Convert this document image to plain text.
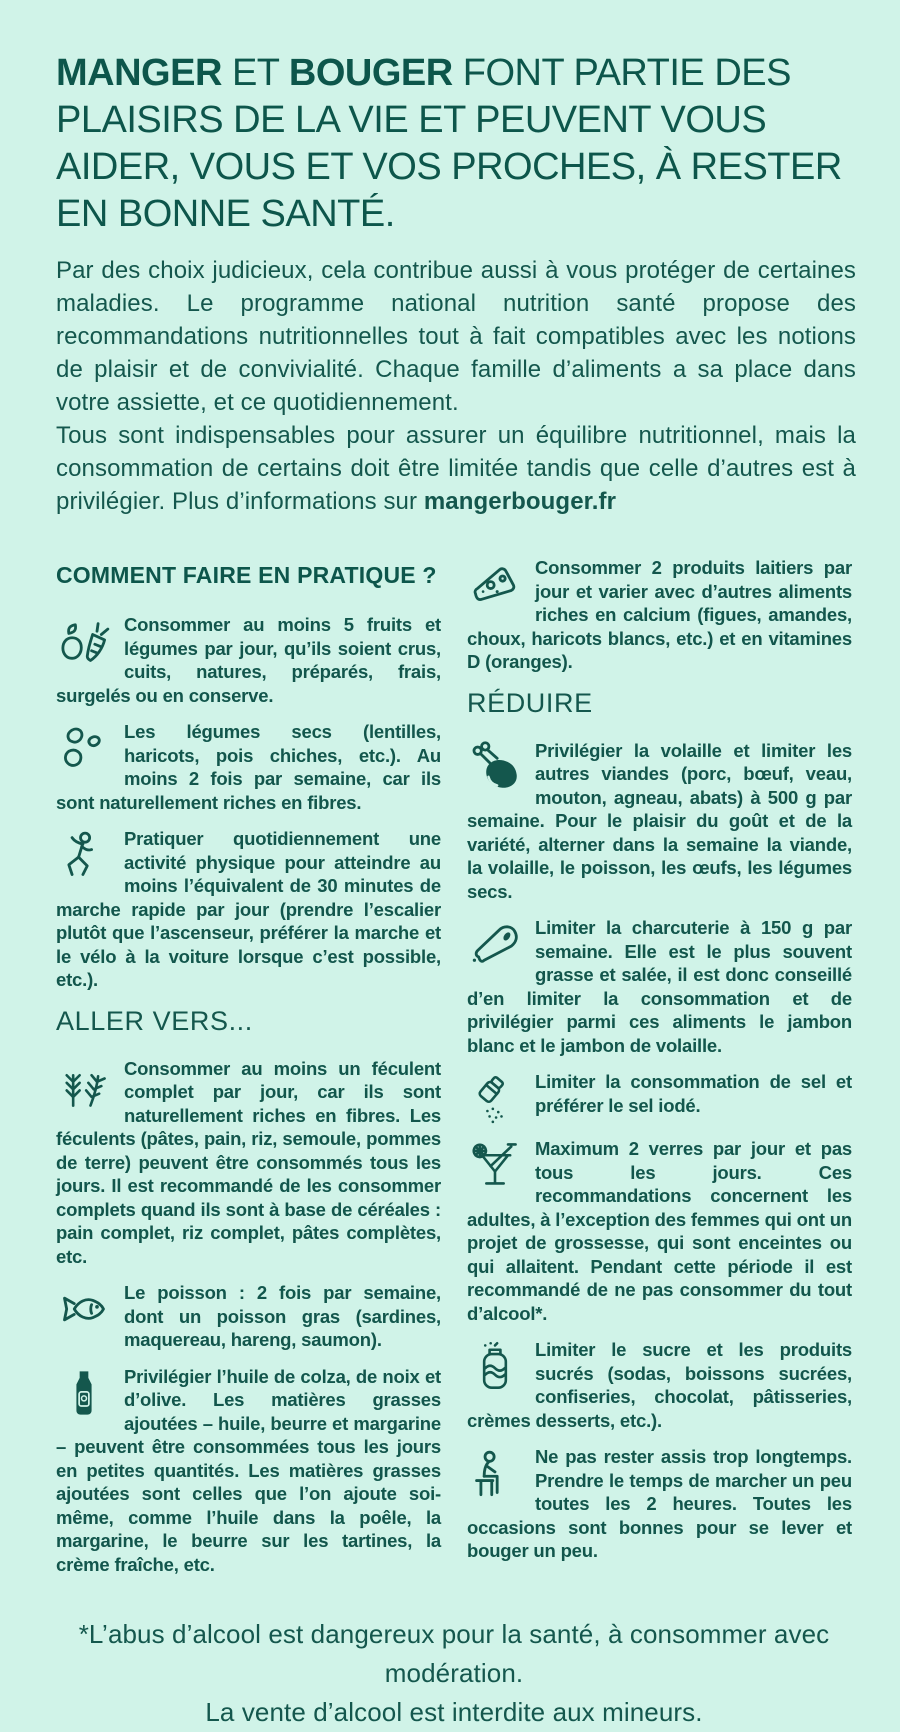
MANGER ET BOUGER FONT PARTIE DES PLAISIRS DE LA VIE ET PEUVENT VOUS AIDER, VOUS ET VOS PROCHES, À RESTER EN BONNE SANTÉ.

Par des choix judicieux, cela contribue aussi à vous protéger de certaines maladies. Le programme national nutrition santé propose des recommandations nutritionnelles tout à fait compatibles avec les notions de plaisir et de convivialité. Chaque famille d’aliments a sa place dans votre assiette, et ce quotidiennement.

Tous sont indispensables pour assurer un équilibre nutritionnel, mais la consommation de certains doit être limitée tandis que celle d’autres est à privilégier. Plus d’informations sur mangerbouger.fr

COMMENT FAIRE EN PRATIQUE ?
Consommer au moins 5 fruits et légumes par jour, qu’ils soient crus, cuits, natures, préparés, frais, surgelés ou en conserve.
Les légumes secs (lentilles, haricots, pois chiches, etc.). Au moins 2 fois par semaine, car ils sont naturellement riches en fibres.
Pratiquer quotidiennement une activité physique pour atteindre au moins l’équivalent de 30 minutes de marche rapide par jour (prendre l’escalier plutôt que l’ascenseur, préférer la marche et le vélo à la voiture lorsque c’est possible, etc.).
ALLER VERS...
Consommer au moins un féculent complet par jour, car ils sont naturellement riches en fibres. Les féculents (pâtes, pain, riz, semoule, pommes de terre) peuvent être consommés tous les jours. Il est recommandé de les consommer complets quand ils sont à base de céréales : pain complet, riz complet, pâtes complètes, etc.
Le poisson : 2 fois par semaine, dont un poisson gras (sardines, maquereau, hareng, saumon).
Privilégier l’huile de colza, de noix et d’olive. Les matières grasses ajoutées – huile, beurre et margarine – peuvent être consommées tous les jours en petites quantités. Les matières grasses ajoutées sont celles que l’on ajoute soi-même, comme l’huile dans la poêle, la margarine, le beurre sur les tartines, la crème fraîche, etc.
Consommer 2 produits laitiers par jour et varier avec d’autres aliments riches en calcium (figues, amandes, choux, haricots blancs, etc.) et en vitamines D (oranges).
RÉDUIRE
Privilégier la volaille et limiter les autres viandes (porc, bœuf, veau, mouton, agneau, abats) à 500 g par semaine. Pour le plaisir du goût et de la variété, alterner dans la semaine la viande, la volaille, le poisson, les œufs, les légumes secs.
Limiter la charcuterie à 150 g par semaine. Elle est le plus souvent grasse et salée, il est donc conseillé d’en limiter la consommation et de privilégier parmi ces aliments le jambon blanc et le jambon de volaille.
Limiter la consommation de sel et préférer le sel iodé.
Maximum 2 verres par jour et pas tous les jours. Ces recommandations concernent les adultes, à l’exception des femmes qui ont un projet de grossesse, qui sont enceintes ou qui allaitent. Pendant cette période il est recommandé de ne pas consommer du tout d’alcool*.
Limiter le sucre et les produits sucrés (sodas, boissons sucrées, confiseries, chocolat, pâtisseries, crèmes desserts, etc.).
Ne pas rester assis trop longtemps. Prendre le temps de marcher un peu toutes les 2 heures. Toutes les occasions sont bonnes pour se lever et bouger un peu.

*L’abus d’alcool est dangereux pour la santé, à consommer avec modération.

La vente d’alcool est interdite aux mineurs.
